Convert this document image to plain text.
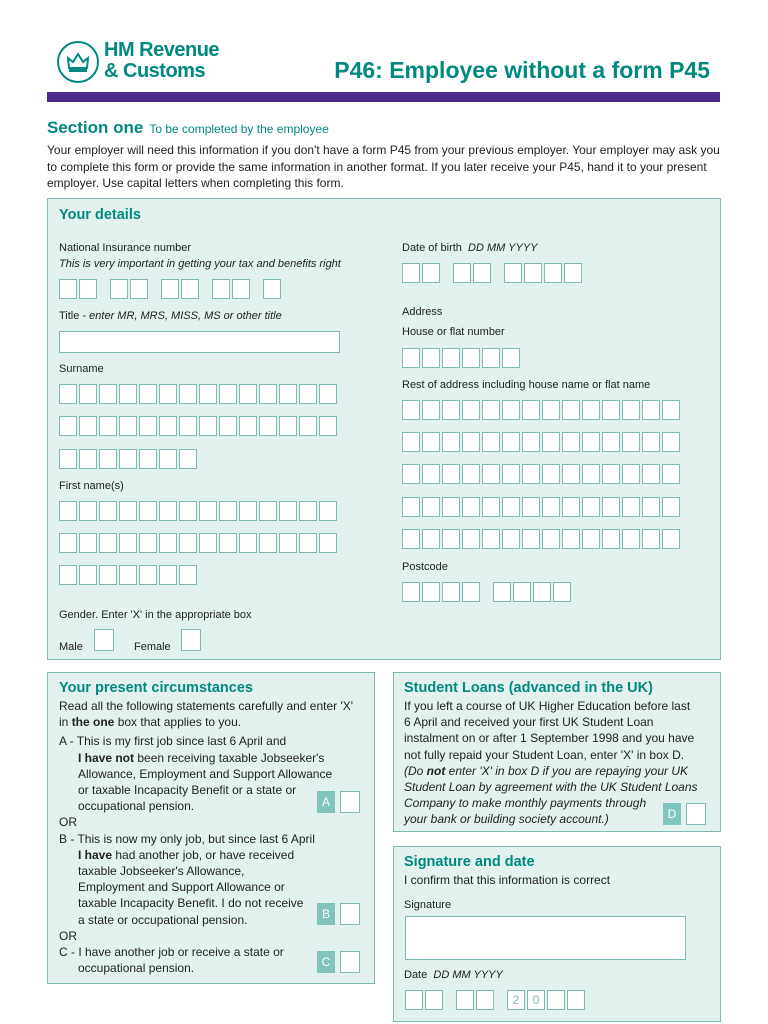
HM Revenue
& Customs	P46: Employee without a form P45
Section one To be completed by the employee
Your employer will need this information if you don't have a form P45 from your previous employer. Your employer may ask you to complete this form or provide the same information in another format. If you later receive your P45, hand it to your present employer. Use capital letters when completing this form.
Your details
National Insurance number
This is very important in getting your tax and benefits right
Title - enter MR, MRS, MISS, MS or other title
Surname
First name(s)
Gender. Enter 'X' in the appropriate box
Male	Female
Date of birth DD MM YYYY
Address
House or flat number
Rest of address including house name or flat name
Postcode
Your present circumstances
Read all the following statements carefully and enter 'X'
in the one box that applies to you.
A - This is my first job since last 6 April and
I have not been receiving taxable Jobseeker's
Allowance, Employment and Support Allowance
or taxable Incapacity Benefit or a state or
occupational pension.
OR
B - This is now my only job, but since last 6 April
I have had another job, or have received
taxable Jobseeker's Allowance,
Employment and Support Allowance or
taxable Incapacity Benefit. I do not receive
a state or occupational pension.
OR
C - I have another job or receive a state or
occupational pension.
A
B
C
Student Loans (advanced in the UK)
If you left a course of UK Higher Education before last
6 April and received your first UK Student Loan
instalment on or after 1 September 1998 and you have
not fully repaid your Student Loan, enter 'X' in box D.
(Do not enter 'X' in box D if you are repaying your UK
Student Loan by agreement with the UK Student Loans
Company to make monthly payments through
your bank or building society account.)	D
Signature and date
I confirm that this information is correct
Signature
Date DD MM YYYY
2	0
